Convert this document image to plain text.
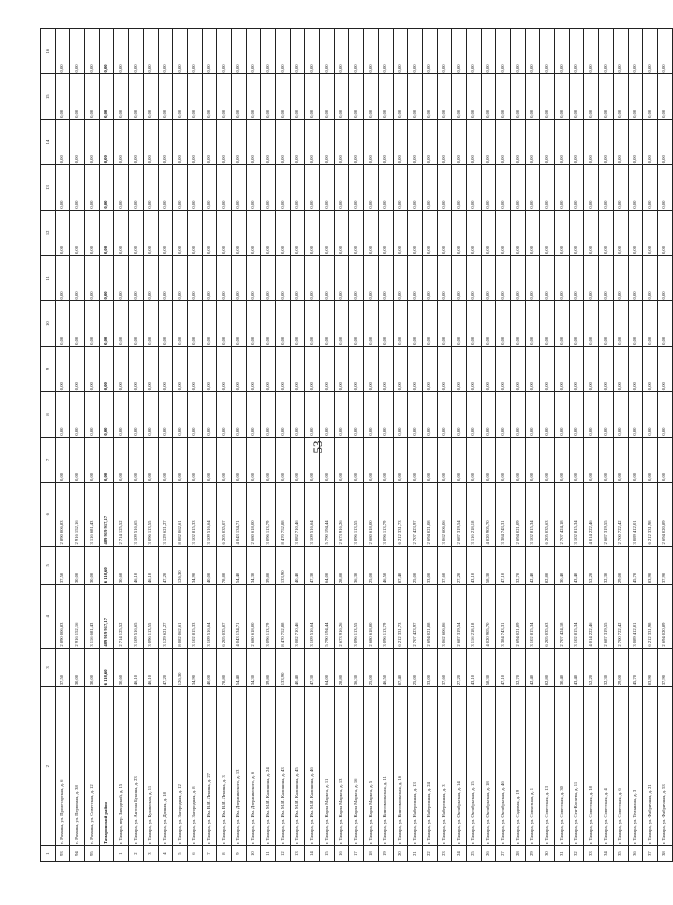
53
1	2	3	4	5	6	7	8	9	10	11	12	13	14	15	16
93	с. Рязанка, ул. Пролетарская, д. 6	37,50	2 890 006,83	37,50	2 890 006,83	0,00	0,00	0,00	0,00	0,00	0,00	0,00	0,00	0,00	0,00
94	с. Рязанка, ул. Первомая, д. 38	30,00	2 916 152,16	30,00	2 916 152,16	0,00	0,00	0,00	0,00	0,00	0,00	0,00	0,00	0,00	0,00
95	с. Рязанка, ул. Советская, д. 12	30,00	3 116 681,43	30,00	3 116 681,43	0,00	0,00	0,00	0,00	0,00	0,00	0,00	0,00	0,00	0,00
	Тамаринский район	6 118,60	489 919 917,17	6 118,60	489 919 917,17	0,00	0,00	0,00	0,00	0,00	0,00	0,00	0,00	0,00	0,00
1	г. Тамара, пер. Заводской, д. 15	30,60	2 714 125,52	30,60	2 714 125,52	0,00	0,00	0,00	0,00	0,00	0,00	0,00	0,00	0,00	0,00
2	г. Тамара, ул. Антона Букина, д. 23	46,10	3 109 516,65	46,10	3 109 516,65	0,00	0,00	0,00	0,00	0,00	0,00	0,00	0,00	0,00	0,00
3	г. Тамара, ул. Букинская, д. 11	46,10	3 096 113,55	46,10	3 096 113,55	0,00	0,00	0,00	0,00	0,00	0,00	0,00	0,00	0,00	0,00
4	г. Тамара, ул. Дачная, д. 18	47,20	3 129 621,27	47,20	3 129 621,27	0,00	0,00	0,00	0,00	0,00	0,00	0,00	0,00	0,00	0,00
5	г. Тамара, ул. Загородная, д. 12	126,30	8 082 062,61	126,30	8 082 062,61	0,00	0,00	0,00	0,00	0,00	0,00	0,00	0,00	0,00	0,00
6	г. Тамара, ул. Загородная, д. 8	34,90	3 102 815,33	34,90	3 102 815,33	0,00	0,00	0,00	0,00	0,00	0,00	0,00	0,00	0,00	0,00
7	г. Тамара, ул. Им. В.И. Ленина, д. 27	40,00	3 109 516,64	40,00	3 109 516,64	0,00	0,00	0,00	0,00	0,00	0,00	0,00	0,00	0,00	0,00
8	г. Тамара, ул. Им. В.И. Ленина, д. 3	78,80	6 205 035,07	78,80	6 205 035,07	0,00	0,00	0,00	0,00	0,00	0,00	0,00	0,00	0,00	0,00
9	г. Тамара, ул. Им. Дзержинского, д. 13	54,40	4 043 134,71	54,40	4 043 134,71	0,00	0,00	0,00	0,00	0,00	0,00	0,00	0,00	0,00	0,00
10	г. Тамара, ул. Им. Дзержинского, д. 6	34,30	2 680 618,00	34,30	2 680 618,00	0,00	0,00	0,00	0,00	0,00	0,00	0,00	0,00	0,00	0,00
11	г. Тамара, ул. Им. М.И. Калинина, д. 24	39,80	3 096 113,79	39,80	3 096 113,79	0,00	0,00	0,00	0,00	0,00	0,00	0,00	0,00	0,00	0,00
12	г. Тамара, ул. Им. М.И. Калинина, д. 43	133,90	8 470 752,88	133,90	8 470 752,88	0,00	0,00	0,00	0,00	0,00	0,00	0,00	0,00	0,00	0,00
13	г. Тамара, ул. Им. М.И. Калинина, д. 45	40,40	3 082 710,46	40,40	3 082 710,46	0,00	0,00	0,00	0,00	0,00	0,00	0,00	0,00	0,00	0,00
14	г. Тамара, ул. Им. М.И. Калинина, д. 46	47,30	3 109 516,64	47,30	3 109 516,64	0,00	0,00	0,00	0,00	0,00	0,00	0,00	0,00	0,00	0,00
15	г. Тамара, ул. Карла Маркса, д. 11	64,00	5 790 194,44	64,00	5 790 194,44	0,00	0,00	0,00	0,00	0,00	0,00	0,00	0,00	0,00	0,00
16	г. Тамара, ул. Карла Маркса, д. 13	28,80	2 673 916,26	28,80	2 673 916,26	0,00	0,00	0,00	0,00	0,00	0,00	0,00	0,00	0,00	0,00
17	г. Тамара, ул. Карла Маркса, д. 16	36,30	3 096 113,55	36,30	3 096 113,55	0,00	0,00	0,00	0,00	0,00	0,00	0,00	0,00	0,00	0,00
18	г. Тамара, ул. Карла Маркса, д. 5	25,00	2 680 618,00	25,00	2 680 618,00	0,00	0,00	0,00	0,00	0,00	0,00	0,00	0,00	0,00	0,00
19	г. Тамара, ул. Комсомольская, д. 11	46,50	3 096 113,79	46,50	3 096 113,79	0,00	0,00	0,00	0,00	0,00	0,00	0,00	0,00	0,00	0,00
20	г. Тамара, ул. Комсомольская, д. 16	87,40	6 212 331,73	87,40	6 212 331,73	0,00	0,00	0,00	0,00	0,00	0,00	0,00	0,00	0,00	0,00
21	г. Тамара, ул. Набережная, д. 13	25,00	2 707 423,97	25,00	2 707 423,97	0,00	0,00	0,00	0,00	0,00	0,00	0,00	0,00	0,00	0,00
22	г. Тамара, ул. Набережная, д. 24	33,00	2 694 021,08	33,00	2 694 021,08	0,00	0,00	0,00	0,00	0,00	0,00	0,00	0,00	0,00	0,00
23	г. Тамара, ул. Набережная, д. 3	37,60	3 062 606,06	37,60	3 062 606,06	0,00	0,00	0,00	0,00	0,00	0,00	0,00	0,00	0,00	0,00
24	г. Тамара, ул. Октябрьская, д. 14	27,20	2 687 319,54	27,20	2 687 319,54	0,00	0,00	0,00	0,00	0,00	0,00	0,00	0,00	0,00	0,00
25	г. Тамара, ул. Октябрьская, д. 15	43,10	3 116 218,18	43,10	3 116 218,18	0,00	0,00	0,00	0,00	0,00	0,00	0,00	0,00	0,00	0,00
26	г. Тамара, ул. Октябрьская, д. 18	58,30	4 020 905,70	58,30	4 020 905,70	0,00	0,00	0,00	0,00	0,00	0,00	0,00	0,00	0,00	0,00
27	г. Тамара, ул. Октябрьская, д. 46	47,10	3 384 743,31	47,10	3 384 743,31	0,00	0,00	0,00	0,00	0,00	0,00	0,00	0,00	0,00	0,00
28	г. Тамара, ул. Садовая, д. 19	32,70	2 694 021,09	32,70	2 694 021,09	0,00	0,00	0,00	0,00	0,00	0,00	0,00	0,00	0,00	0,00
29	г. Тамара, ул. Совхозная, д. 1	42,40	3 102 815,34	42,40	3 102 815,34	0,00	0,00	0,00	0,00	0,00	0,00	0,00	0,00	0,00	0,00
30	г. Тамара, ул. Советская, д. 13	82,80	6 205 035,63	82,80	6 205 035,63	0,00	0,00	0,00	0,00	0,00	0,00	0,00	0,00	0,00	0,00
31	г. Тамара, ул. Советская, д. 30	30,40	2 707 424,18	30,40	2 707 424,18	0,00	0,00	0,00	0,00	0,00	0,00	0,00	0,00	0,00	0,00
32	г. Тамара, ул. Сен-Катаева, д. 11	43,40	3 102 815,34	43,40	3 102 815,34	0,00	0,00	0,00	0,00	0,00	0,00	0,00	0,00	0,00	0,00
33	г. Тамара, ул. Советская, д. 18	52,20	4 014 222,46	52,20	4 014 222,46	0,00	0,00	0,00	0,00	0,00	0,00	0,00	0,00	0,00	0,00
34	г. Тамара, ул. Советская, д. 4	32,30	2 687 319,55	32,30	2 687 319,55	0,00	0,00	0,00	0,00	0,00	0,00	0,00	0,00	0,00	0,00
35	г. Тамара, ул. Советская, д. 6	29,00	2 700 722,42	29,00	2 700 722,42	0,00	0,00	0,00	0,00	0,00	0,00	0,00	0,00	0,00	0,00
36	г. Тамара, ул. Тельмана, д. 3	45,70	3 089 412,01	45,70	3 089 412,01	0,00	0,00	0,00	0,00	0,00	0,00	0,00	0,00	0,00	0,00
37	г. Тамара, ул. Фабричная, д. 21	83,90	6 212 331,98	83,90	6 212 331,98	0,00	0,00	0,00	0,00	0,00	0,00	0,00	0,00	0,00	0,00
38	г. Тамара, ул. Фабричная, д. 53	37,90	2 694 020,89	37,90	2 694 020,89	0,00	0,00	0,00	0,00	0,00	0,00	0,00	0,00	0,00	0,00
